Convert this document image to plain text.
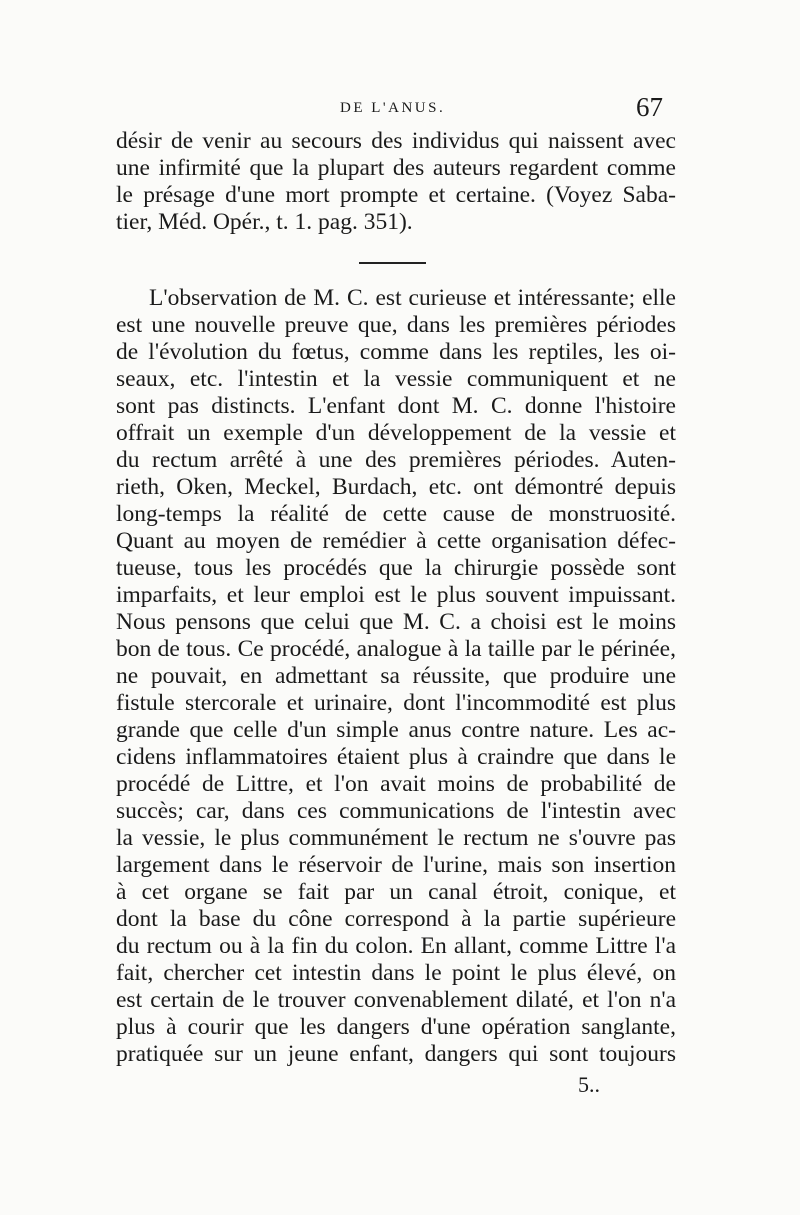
DE L'ANUS.	67
désir de venir au secours des individus qui naissent avec
une infirmité que la plupart des auteurs regardent comme
le présage d'une mort prompte et certaine. (Voyez Saba-
tier, Méd. Opér., t. 1. pag. 351).
L'observation de M. C. est curieuse et intéressante; elle
est une nouvelle preuve que, dans les premières périodes
de l'évolution du fœtus, comme dans les reptiles, les oi-
seaux, etc. l'intestin et la vessie communiquent et ne
sont pas distincts. L'enfant dont M. C. donne l'histoire
offrait un exemple d'un développement de la vessie et
du rectum arrêté à une des premières périodes. Auten-
rieth, Oken, Meckel, Burdach, etc. ont démontré depuis
long-temps la réalité de cette cause de monstruosité.
Quant au moyen de remédier à cette organisation défec-
tueuse, tous les procédés que la chirurgie possède sont
imparfaits, et leur emploi est le plus souvent impuissant.
Nous pensons que celui que M. C. a choisi est le moins
bon de tous. Ce procédé, analogue à la taille par le périnée,
ne pouvait, en admettant sa réussite, que produire une
fistule stercorale et urinaire, dont l'incommodité est plus
grande que celle d'un simple anus contre nature. Les ac-
cidens inflammatoires étaient plus à craindre que dans le
procédé de Littre, et l'on avait moins de probabilité de
succès; car, dans ces communications de l'intestin avec
la vessie, le plus communément le rectum ne s'ouvre pas
largement dans le réservoir de l'urine, mais son insertion
à cet organe se fait par un canal étroit, conique, et
dont la base du cône correspond à la partie supérieure
du rectum ou à la fin du colon. En allant, comme Littre l'a
fait, chercher cet intestin dans le point le plus élevé, on
est certain de le trouver convenablement dilaté, et l'on n'a
plus à courir que les dangers d'une opération sanglante,
pratiquée sur un jeune enfant, dangers qui sont toujours
5..
